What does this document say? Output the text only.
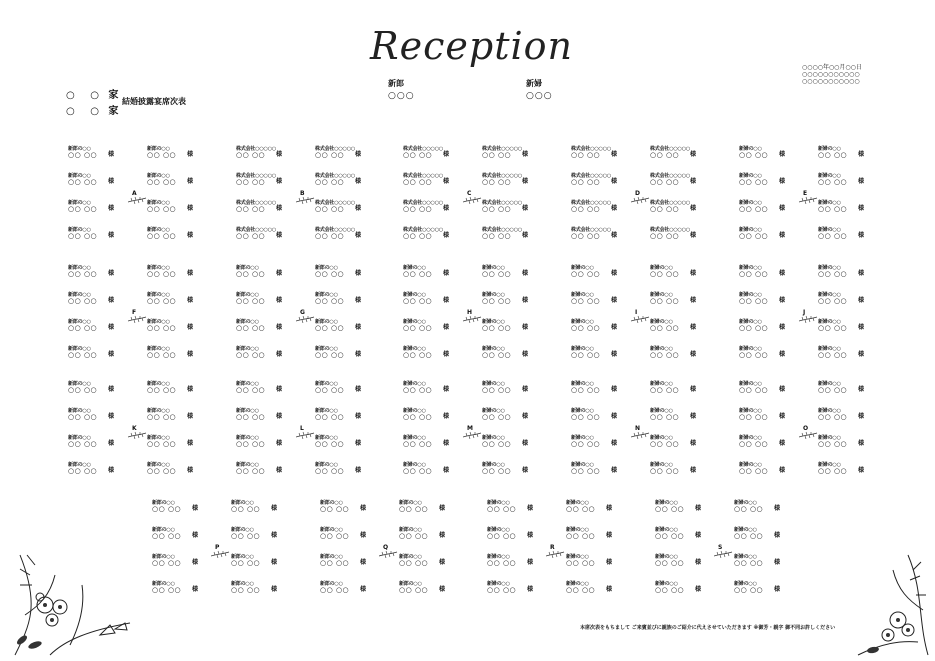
Reception
○ ○ 家
○ ○ 家
結婚披露宴席次表
新郎
○○○
新婦
○○○
○○○○年○○月○○日
○○○○○○○○○○○
○○○○○○○○○○○
新郎の○○
○○ ○○	様
新郎の○○
○○ ○○	様
新郎の○○
○○ ○○	様
新郎の○○
○○ ○○	様
新郎の○○
○○ ○○	様
新郎の○○
○○ ○○	様
新郎の○○
○○ ○○	様
新郎の○○
○○ ○○	様
A
株式会社○○○○○
○○ ○○	様
株式会社○○○○○
○○ ○○	様
株式会社○○○○○
○○ ○○	様
株式会社○○○○○
○○ ○○	様
株式会社○○○○○
○○ ○○	様
株式会社○○○○○
○○ ○○	様
株式会社○○○○○
○○ ○○	様
株式会社○○○○○
○○ ○○	様
B
株式会社○○○○○
○○ ○○	様
株式会社○○○○○
○○ ○○	様
株式会社○○○○○
○○ ○○	様
株式会社○○○○○
○○ ○○	様
株式会社○○○○○
○○ ○○	様
株式会社○○○○○
○○ ○○	様
株式会社○○○○○
○○ ○○	様
株式会社○○○○○
○○ ○○	様
C
株式会社○○○○○
○○ ○○	様
株式会社○○○○○
○○ ○○	様
株式会社○○○○○
○○ ○○	様
株式会社○○○○○
○○ ○○	様
株式会社○○○○○
○○ ○○	様
株式会社○○○○○
○○ ○○	様
株式会社○○○○○
○○ ○○	様
株式会社○○○○○
○○ ○○	様
D
新婦の○○
○○ ○○	様
新婦の○○
○○ ○○	様
新婦の○○
○○ ○○	様
新婦の○○
○○ ○○	様
新婦の○○
○○ ○○	様
新婦の○○
○○ ○○	様
新婦の○○
○○ ○○	様
新婦の○○
○○ ○○	様
E
新郎の○○
○○ ○○	様
新郎の○○
○○ ○○	様
新郎の○○
○○ ○○	様
新郎の○○
○○ ○○	様
新郎の○○
○○ ○○	様
新郎の○○
○○ ○○	様
新郎の○○
○○ ○○	様
新郎の○○
○○ ○○	様
F
新郎の○○
○○ ○○	様
新郎の○○
○○ ○○	様
新郎の○○
○○ ○○	様
新郎の○○
○○ ○○	様
新郎の○○
○○ ○○	様
新郎の○○
○○ ○○	様
新郎の○○
○○ ○○	様
新郎の○○
○○ ○○	様
G
新婦の○○
○○ ○○	様
新婦の○○
○○ ○○	様
新婦の○○
○○ ○○	様
新婦の○○
○○ ○○	様
新婦の○○
○○ ○○	様
新婦の○○
○○ ○○	様
新婦の○○
○○ ○○	様
新婦の○○
○○ ○○	様
H
新婦の○○
○○ ○○	様
新婦の○○
○○ ○○	様
新婦の○○
○○ ○○	様
新婦の○○
○○ ○○	様
新婦の○○
○○ ○○	様
新婦の○○
○○ ○○	様
新婦の○○
○○ ○○	様
新婦の○○
○○ ○○	様
I
新婦の○○
○○ ○○	様
新婦の○○
○○ ○○	様
新婦の○○
○○ ○○	様
新婦の○○
○○ ○○	様
新婦の○○
○○ ○○	様
新婦の○○
○○ ○○	様
新婦の○○
○○ ○○	様
新婦の○○
○○ ○○	様
J
新郎の○○
○○ ○○	様
新郎の○○
○○ ○○	様
新郎の○○
○○ ○○	様
新郎の○○
○○ ○○	様
新郎の○○
○○ ○○	様
新郎の○○
○○ ○○	様
新郎の○○
○○ ○○	様
新郎の○○
○○ ○○	様
K
新郎の○○
○○ ○○	様
新郎の○○
○○ ○○	様
新郎の○○
○○ ○○	様
新郎の○○
○○ ○○	様
新郎の○○
○○ ○○	様
新郎の○○
○○ ○○	様
新郎の○○
○○ ○○	様
新郎の○○
○○ ○○	様
L
新婦の○○
○○ ○○	様
新婦の○○
○○ ○○	様
新婦の○○
○○ ○○	様
新婦の○○
○○ ○○	様
新婦の○○
○○ ○○	様
新婦の○○
○○ ○○	様
新婦の○○
○○ ○○	様
新婦の○○
○○ ○○	様
M
新婦の○○
○○ ○○	様
新婦の○○
○○ ○○	様
新婦の○○
○○ ○○	様
新婦の○○
○○ ○○	様
新婦の○○
○○ ○○	様
新婦の○○
○○ ○○	様
新婦の○○
○○ ○○	様
新婦の○○
○○ ○○	様
N
新婦の○○
○○ ○○	様
新婦の○○
○○ ○○	様
新婦の○○
○○ ○○	様
新婦の○○
○○ ○○	様
新婦の○○
○○ ○○	様
新婦の○○
○○ ○○	様
新婦の○○
○○ ○○	様
新婦の○○
○○ ○○	様
O
新郎の○○
○○ ○○	様
新郎の○○
○○ ○○	様
新郎の○○
○○ ○○	様
新郎の○○
○○ ○○	様
新郎の○○
○○ ○○	様
新郎の○○
○○ ○○	様
新郎の○○
○○ ○○	様
新郎の○○
○○ ○○	様
P
新郎の○○
○○ ○○	様
新郎の○○
○○ ○○	様
新郎の○○
○○ ○○	様
新郎の○○
○○ ○○	様
新郎の○○
○○ ○○	様
新郎の○○
○○ ○○	様
新郎の○○
○○ ○○	様
新郎の○○
○○ ○○	様
Q
新婦の○○
○○ ○○	様
新婦の○○
○○ ○○	様
新婦の○○
○○ ○○	様
新婦の○○
○○ ○○	様
新婦の○○
○○ ○○	様
新婦の○○
○○ ○○	様
新婦の○○
○○ ○○	様
新婦の○○
○○ ○○	様
R
新婦の○○
○○ ○○	様
新婦の○○
○○ ○○	様
新婦の○○
○○ ○○	様
新婦の○○
○○ ○○	様
新婦の○○
○○ ○○	様
新婦の○○
○○ ○○	様
新婦の○○
○○ ○○	様
新婦の○○
○○ ○○	様
S
本席次表をもちまして ご来賓並びに親族のご紹介に代えさせていただきます ※御芳・親字 御不同お許しください
